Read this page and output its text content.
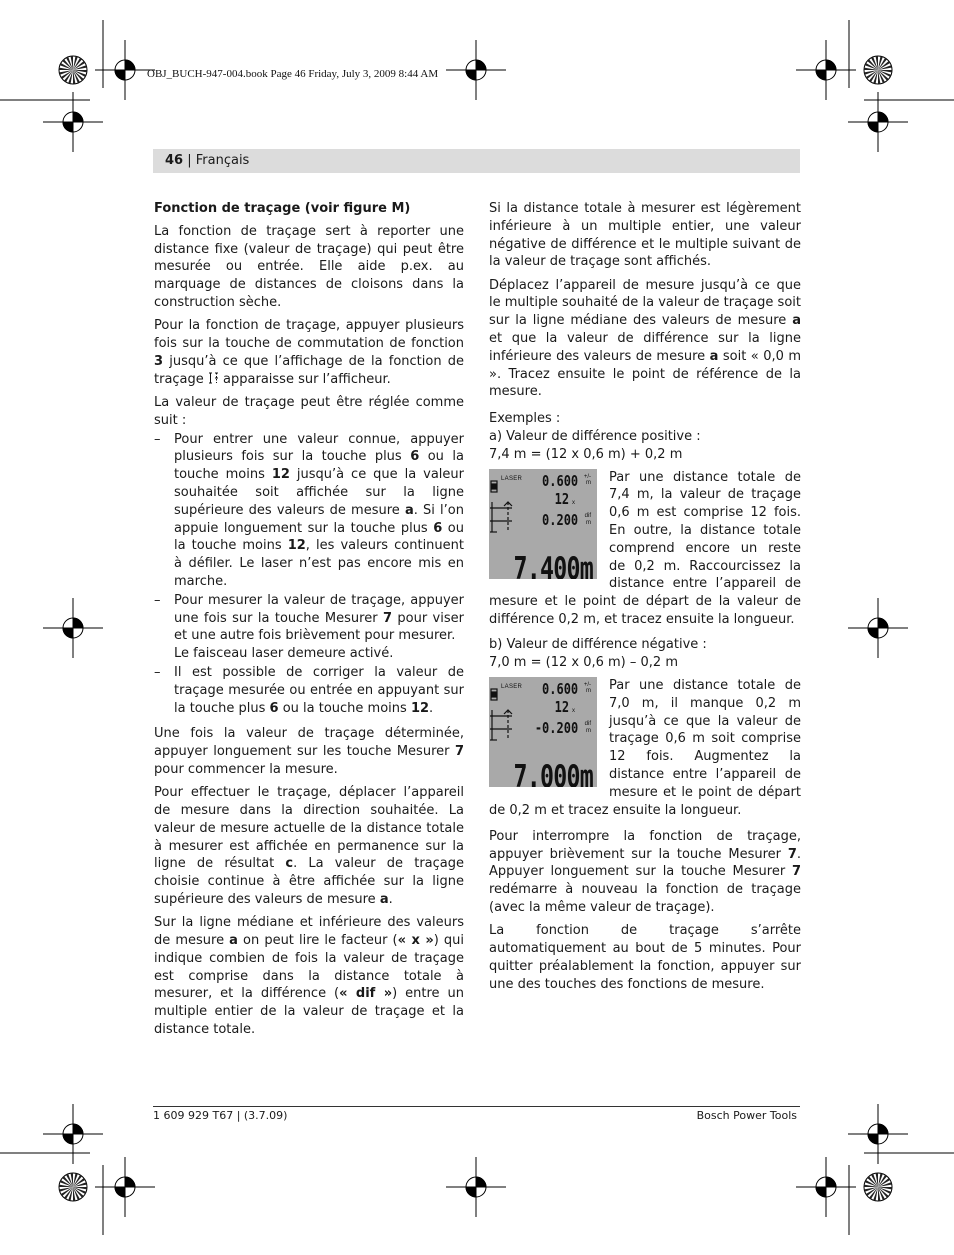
OBJ_BUCH-947-004.book Page 46 Friday, July 3, 2009 8:44 AM
46 | Français
Fonction de traçage (voir figure M)

La fonction de traçage sert à reporter une distance fixe (valeur de traçage) qui peut être mesurée ou entrée. Elle aide p.ex. au marquage de distances de cloisons dans la construction sèche.

Pour la fonction de traçage, appuyer plusieurs fois sur la touche de commutation de fonction 3 jusqu’à ce que l’affichage de la fonction de traçage  apparaisse sur l’afficheur.

La valeur de traçage peut être réglée comme suit :

– Pour entrer une valeur connue, appuyer plusieurs fois sur la touche plus 6 ou la touche moins 12 jusqu’à ce que la valeur souhaitée soit affichée sur la ligne supérieure des valeurs de mesure a. Si l’on appuie longuement sur la touche plus 6 ou la touche moins 12, les valeurs continuent à défiler. Le laser n’est pas encore mis en marche.
– Pour mesurer la valeur de traçage, appuyer une fois sur la touche Mesurer 7 pour viser et une autre fois brièvement pour mesurer.
Le faisceau laser demeure activé.
– Il est possible de corriger la valeur de traçage mesurée ou entrée en appuyant sur la touche plus 6 ou la touche moins 12.

Une fois la valeur de traçage déterminée, appuyer longuement sur les touche Mesurer 7 pour commencer la mesure.

Pour effectuer le traçage, déplacer l’appareil de mesure dans la direction souhaitée. La valeur de mesure actuelle de la distance totale à mesurer est affichée en permanence sur la ligne de résultat c. La valeur de traçage choisie continue à être affichée sur la ligne supérieure des valeurs de mesure a.

Sur la ligne médiane et inférieure des valeurs de mesure a on peut lire le facteur (« x ») qui indique combien de fois la valeur de traçage est comprise dans la distance totale à mesurer, et la différence (« dif ») entre un multiple entier de la valeur de traçage et la distance totale.

Si la distance totale à mesurer est légèrement inférieure à un multiple entier, une valeur négative de différence et le multiple suivant de la valeur de traçage sont affichés.

Déplacez l’appareil de mesure jusqu’à ce que le multiple souhaité de la valeur de traçage soit sur la ligne médiane des valeurs de mesure a et que la valeur de différence sur la ligne inférieure des valeurs de mesure a soit « 0,0 m ». Tracez ensuite le point de référence de la mesure.

Exemples :

a) Valeur de différence positive :

7,4 m = (12 x 0,6 m) + 0,2 m

LASER 0.600 +/-
m
12 x
0.200 dif
m
7.400m

Par une distance totale de 7,4 m, la valeur de traçage 0,6 m est comprise 12 fois. En outre, la distance totale comprend encore un reste de 0,2 m. Raccourcissez la distance entre l’appareil de mesure et le point de départ de la valeur de différence 0,2 m, et tracez ensuite la longueur.

b) Valeur de différence négative :

7,0 m = (12 x 0,6 m) – 0,2 m

LASER 0.600 +/-
m
12 x
-0.200 dif
m
7.000m

Par une distance totale de 7,0 m, il manque 0,2 m jusqu’à ce que la valeur de traçage 0,6 m soit comprise 12 fois. Augmentez la distance entre l’appareil de mesure et le point de départ de 0,2 m et tracez ensuite la longueur.

Pour interrompre la fonction de traçage, appuyer brièvement sur la touche Mesurer 7. Appuyer longuement sur la touche Mesurer 7 redémarre à nouveau la fonction de traçage (avec la même valeur de traçage).

La fonction de traçage s’arrête automatiquement au bout de 5 minutes. Pour quitter préalablement la fonction, appuyer sur une des touches des fonctions de mesure.

1 609 929 T67 | (3.7.09)	Bosch Power Tools
